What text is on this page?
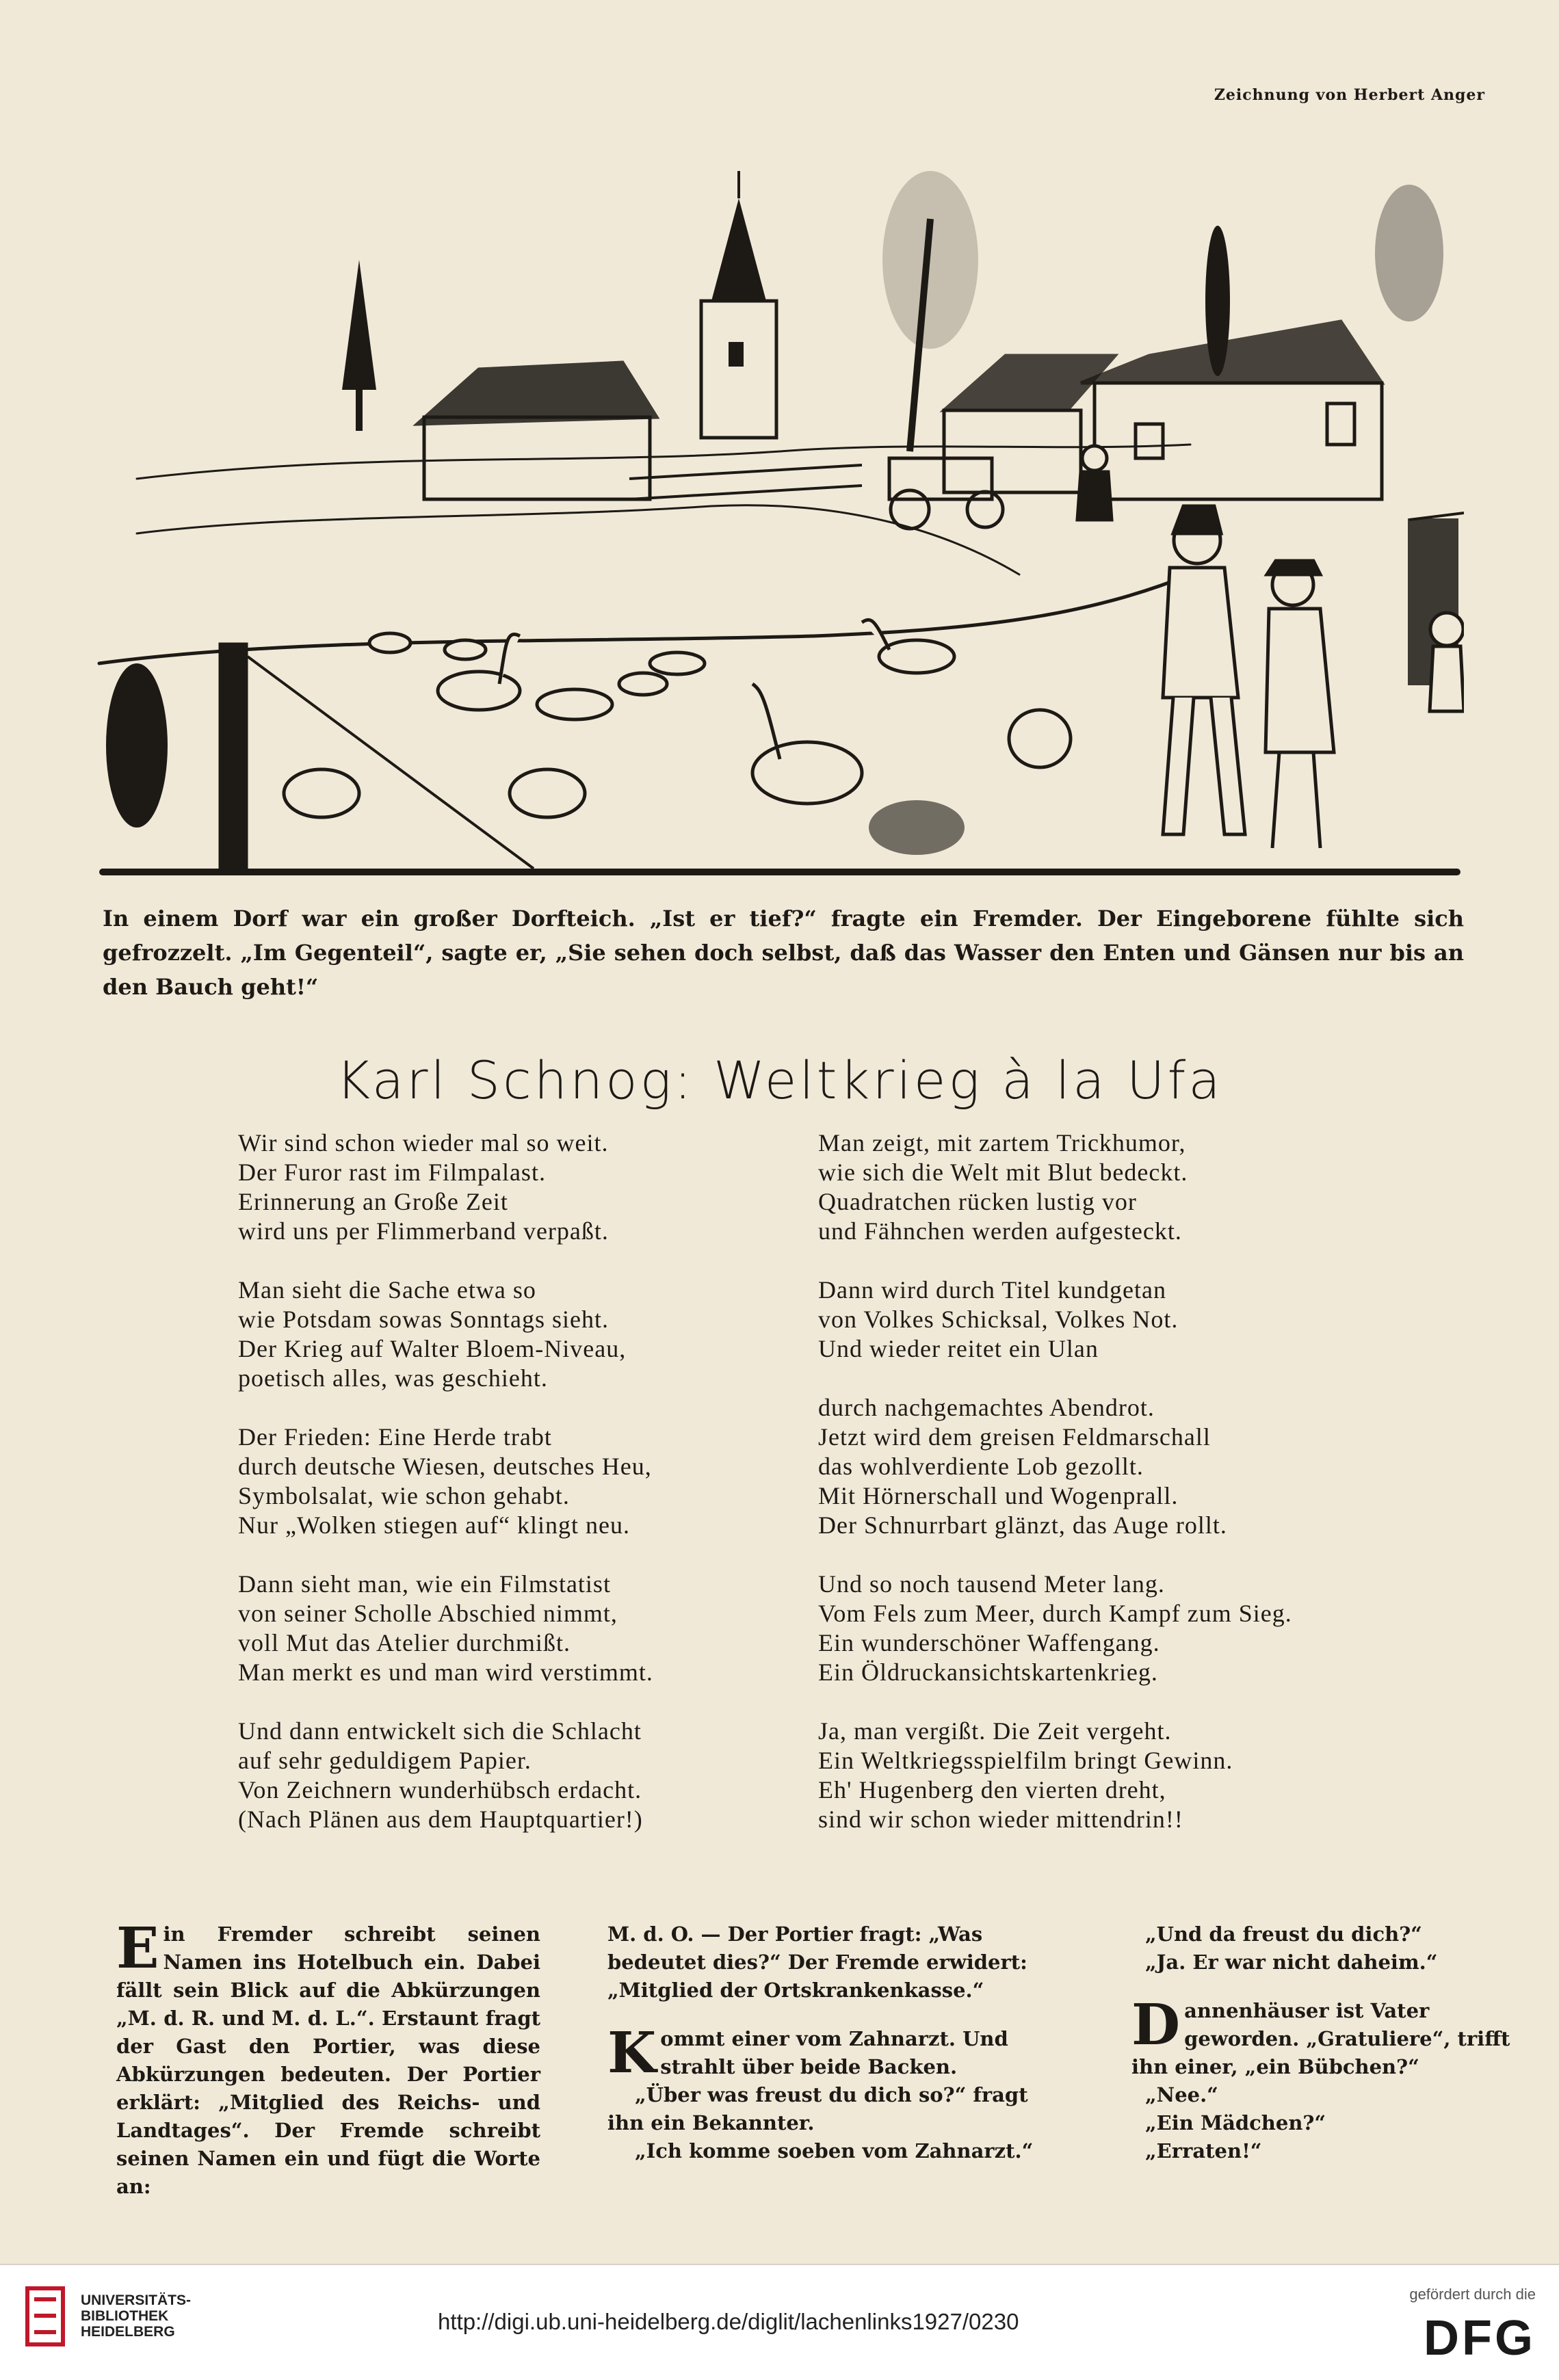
Zeichnung von Herbert Anger
In einem Dorf war ein großer Dorfteich. „Ist er tief?“ fragte ein Fremder. Der Eingeborene fühlte sich gefrozzelt. „Im Gegenteil“, sagte er, „Sie sehen doch selbst, daß das Wasser den Enten und Gänsen nur bis an den Bauch geht!“
Karl Schnog: Weltkrieg à la Ufa
Wir sind schon wieder mal so weit.
Der Furor rast im Filmpalast.
Erinnerung an Große Zeit
wird uns per Flimmerband verpaßt.
Man sieht die Sache etwa so
wie Potsdam sowas Sonntags sieht.
Der Krieg auf Walter Bloem-Niveau,
poetisch alles, was geschieht.
Der Frieden: Eine Herde trabt
durch deutsche Wiesen, deutsches Heu,
Symbolsalat, wie schon gehabt.
Nur „Wolken stiegen auf“ klingt neu.
Dann sieht man, wie ein Filmstatist
von seiner Scholle Abschied nimmt,
voll Mut das Atelier durchmißt.
Man merkt es und man wird verstimmt.
Und dann entwickelt sich die Schlacht
auf sehr geduldigem Papier.
Von Zeichnern wunderhübsch erdacht.
(Nach Plänen aus dem Hauptquartier!)
Man zeigt, mit zartem Trickhumor,
wie sich die Welt mit Blut bedeckt.
Quadratchen rücken lustig vor
und Fähnchen werden aufgesteckt.
Dann wird durch Titel kundgetan
von Volkes Schicksal, Volkes Not.
Und wieder reitet ein Ulan
durch nachgemachtes Abendrot.
Jetzt wird dem greisen Feldmarschall
das wohlverdiente Lob gezollt.
Mit Hörnerschall und Wogenprall.
Der Schnurrbart glänzt, das Auge rollt.
Und so noch tausend Meter lang.
Vom Fels zum Meer, durch Kampf zum Sieg.
Ein wunderschöner Waffengang.
Ein Öldruckansichtskartenkrieg.
Ja, man vergißt. Die Zeit vergeht.
Ein Weltkriegsspielfilm bringt Gewinn.
Eh' Hugenberg den vierten dreht,
sind wir schon wieder mittendrin!!
Ein Fremder schreibt seinen Namen ins Hotelbuch ein. Dabei fällt sein Blick auf die Abkürzungen „M. d. R. und M. d. L.“. Erstaunt fragt der Gast den Portier, was diese Abkürzungen bedeuten. Der Portier erklärt: „Mitglied des Reichs- und Landtages“. Der Fremde schreibt seinen Namen ein und fügt die Worte an:
M. d. O. — Der Portier fragt: „Was bedeutet dies?“ Der Fremde erwidert: „Mitglied der Ortskrankenkasse.“
Kommt einer vom Zahnarzt. Und strahlt über beide Backen.
„Über was freust du dich so?“ fragt ihn ein Bekannter.
„Ich komme soeben vom Zahnarzt.“
„Und da freust du dich?“
„Ja. Er war nicht daheim.“
Dannenhäuser ist Vater geworden. „Gratuliere“, trifft ihn einer, „ein Bübchen?“
„Nee.“
„Ein Mädchen?“
„Erraten!“
UNIVERSITÄTS-
BIBLIOTHEK
HEIDELBERG	http://digi.ub.uni-heidelberg.de/diglit/lachenlinks1927/0230
gefördert durch die
DFG
